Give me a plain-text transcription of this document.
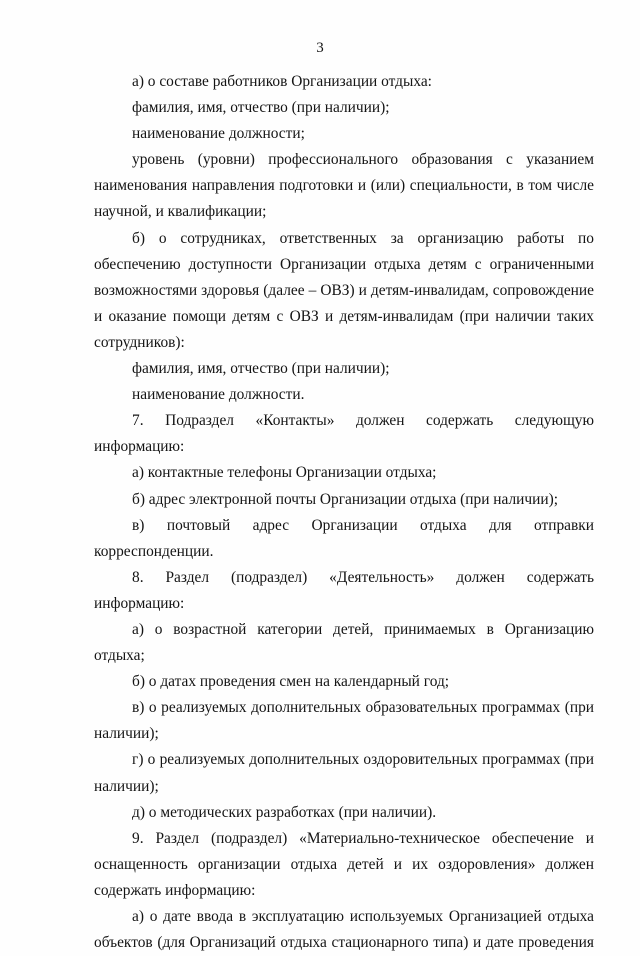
3

а) о составе работников Организации отдыха:

фамилия, имя, отчество (при наличии);

наименование должности;

уровень (уровни) профессионального образования с указанием наименования направления подготовки и (или) специальности, в том числе научной, и квалификации;

б) о сотрудниках, ответственных за организацию работы по обеспечению доступности Организации отдыха детям с ограниченными возможностями здоровья (далее – ОВЗ) и детям-инвалидам, сопровождение и оказание помощи детям с ОВЗ и детям-инвалидам (при наличии таких сотрудников):

фамилия, имя, отчество (при наличии);

наименование должности.

7. Подраздел «Контакты» должен содержать следующую информацию:

а) контактные телефоны Организации отдыха;

б) адрес электронной почты Организации отдыха (при наличии);

в) почтовый адрес Организации отдыха для отправки корреспонденции.

8. Раздел (подраздел) «Деятельность» должен содержать информацию:

а) о возрастной категории детей, принимаемых в Организацию отдыха;

б) о датах проведения смен на календарный год;

в) о реализуемых дополнительных образовательных программах (при наличии);

г) о реализуемых дополнительных оздоровительных программах (при наличии);

д) о методических разработках (при наличии).

9. Раздел (подраздел) «Материально-техническое обеспечение и оснащенность организации отдыха детей и их оздоровления» должен содержать информацию:

а) о дате ввода в эксплуатацию используемых Организацией отдыха объектов (для Организаций отдыха стационарного типа) и дате проведения
